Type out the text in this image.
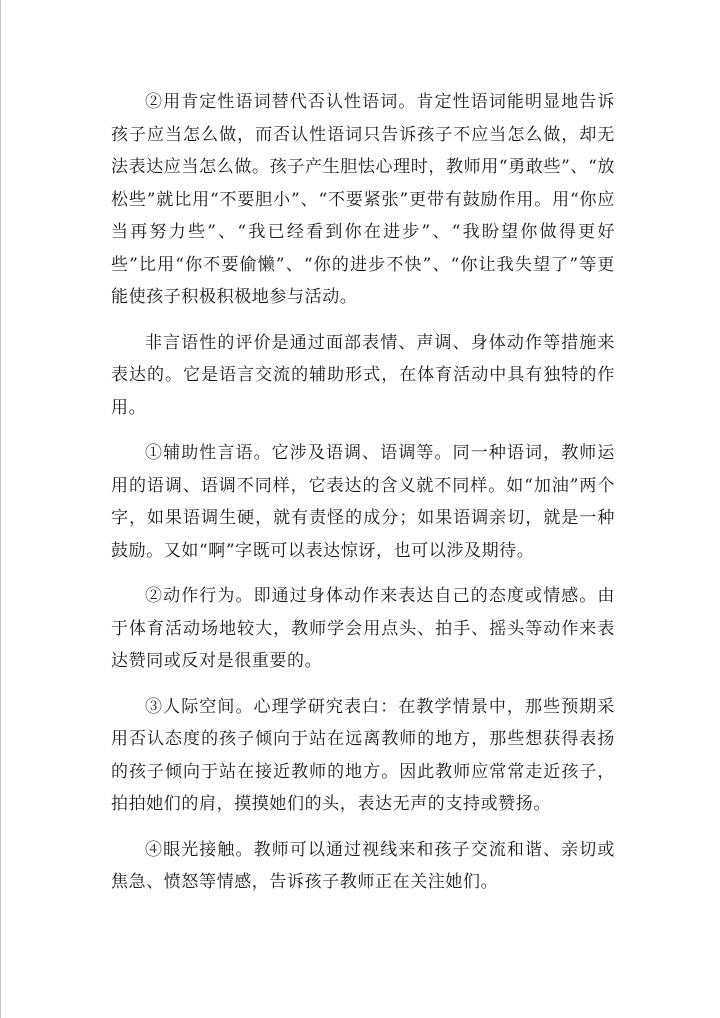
②用肯定性语词替代否认性语词。肯定性语词能明显地告诉孩子应当怎么做，而否认性语词只告诉孩子不应当怎么做，却无法表达应当怎么做。孩子产生胆怯心理时，教师用“勇敢些”、“放松些”就比用“不要胆小”、“不要紧张”更带有鼓励作用。用“你应当再努力些”、“我已经看到你在进步”、“我盼望你做得更好些”比用“你不要偷懒”、“你的进步不快”、“你让我失望了”等更能使孩子积极积极地参与活动。

非言语性的评价是通过面部表情、声调、身体动作等措施来表达的。它是语言交流的辅助形式，在体育活动中具有独特的作用。

①辅助性言语。它涉及语调、语调等。同一种语词，教师运用的语调、语调不同样，它表达的含义就不同样。如“加油”两个字，如果语调生硬，就有责怪的成分；如果语调亲切，就是一种鼓励。又如“啊”字既可以表达惊讶，也可以涉及期待。

②动作行为。即通过身体动作来表达自己的态度或情感。由于体育活动场地较大，教师学会用点头、拍手、摇头等动作来表达赞同或反对是很重要的。

③人际空间。心理学研究表白：在教学情景中，那些预期采用否认态度的孩子倾向于站在远离教师的地方，那些想获得表扬的孩子倾向于站在接近教师的地方。因此教师应常常走近孩子，拍拍她们的肩，摸摸她们的头，表达无声的支持或赞扬。

④眼光接触。教师可以通过视线来和孩子交流和谐、亲切或焦急、愤怒等情感，告诉孩子教师正在关注她们。
